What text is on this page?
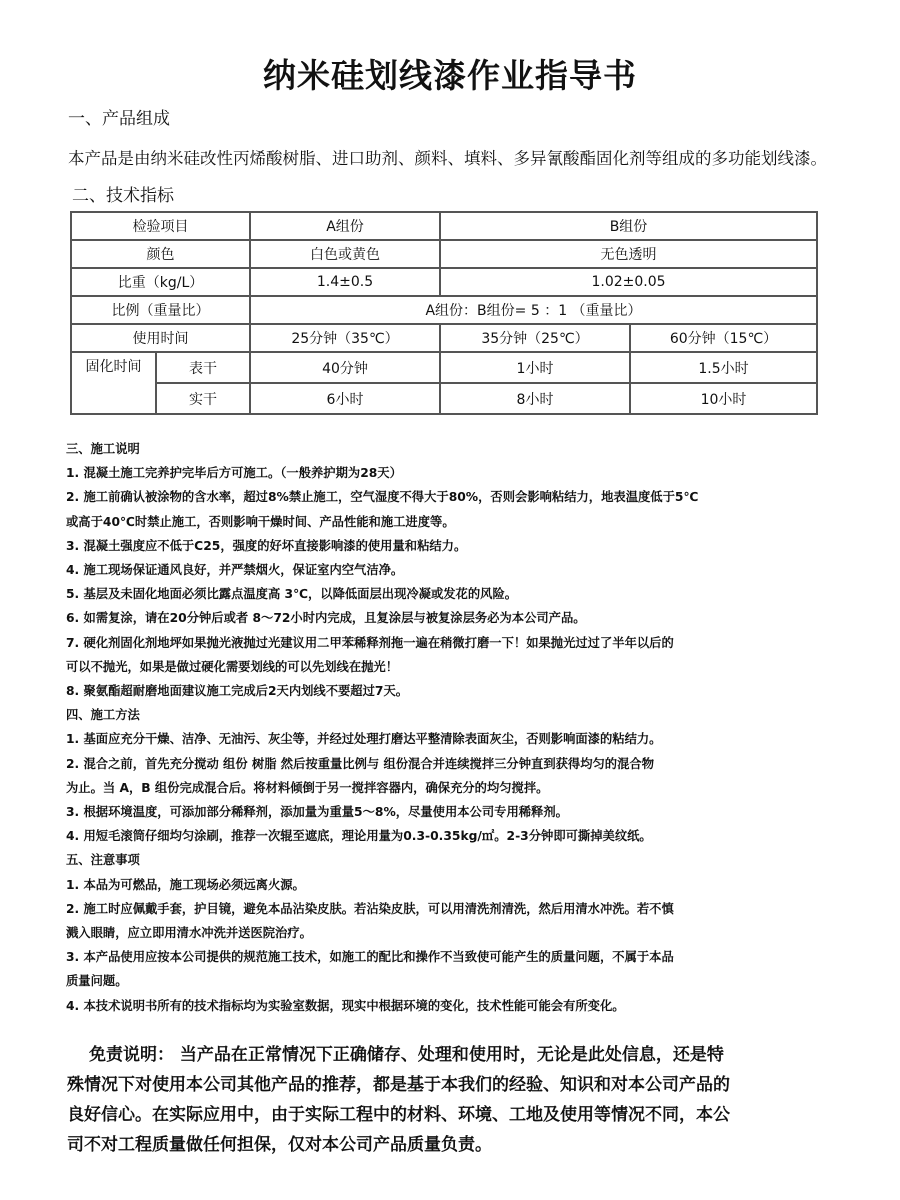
纳米硅划线漆作业指导书
一、产品组成
本产品是由纳米硅改性丙烯酸树脂、进口助剂、颜料、填料、多异氰酸酯固化剂等组成的多功能划线漆。
二、技术指标
检验项目		A组份	B组份	
颜色		白色或黄色	无色透明	
比重（kg/L）		1.4±0.5	1.02±0.05	
比例（重量比）		A组份：B组份= 5 ：1 （重量比）		
使用时间		25分钟（35℃）	35分钟（25℃）	60分钟（15℃）
固化时间	表干	40分钟	1小时	1.5小时
	实干	6小时	8小时	10小时
三、施工说明
1. 混凝土施工完养护完毕后方可施工。（一般养护期为28天）
2. 施工前确认被涂物的含水率，超过8%禁止施工，空气湿度不得大于80%，否则会影响粘结力，地表温度低于5℃
或高于40℃时禁止施工，否则影响干燥时间、产品性能和施工进度等。
3. 混凝土强度应不低于C25，强度的好坏直接影响漆的使用量和粘结力。
4. 施工现场保证通风良好，并严禁烟火，保证室内空气洁净。
5. 基层及未固化地面必须比露点温度高 3℃，以降低面层出现冷凝或发花的风险。
6. 如需复涂，请在20分钟后或者 8～72小时内完成，且复涂层与被复涂层务必为本公司产品。
7. 硬化剂固化剂地坪如果抛光液抛过光建议用二甲苯稀释剂拖一遍在稍微打磨一下！如果抛光过过了半年以后的
可以不抛光，如果是做过硬化需要划线的可以先划线在抛光！
8. 聚氨酯超耐磨地面建议施工完成后2天内划线不要超过7天。
四、施工方法
1. 基面应充分干燥、洁净、无油污、灰尘等，并经过处理打磨达平整清除表面灰尘，否则影响面漆的粘结力。
2. 混合之前，首先充分搅动 组份 树脂 然后按重量比例与 组份混合并连续搅拌三分钟直到获得均匀的混合物
为止。当 A，B 组份完成混合后。将材料倾倒于另一搅拌容器内，确保充分的均匀搅拌。
3. 根据环境温度，可添加部分稀释剂，添加量为重量5～8%，尽量使用本公司专用稀释剂。
4. 用短毛滚筒仔细均匀涂刷，推荐一次辊至遮底，理论用量为0.3-0.35kg/㎡。2-3分钟即可撕掉美纹纸。
五、注意事项
1. 本品为可燃品，施工现场必须远离火源。
2. 施工时应佩戴手套，护目镜，避免本品沾染皮肤。若沾染皮肤，可以用清洗剂清洗，然后用清水冲洗。若不慎
溅入眼睛，应立即用清水冲洗并送医院治疗。
3. 本产品使用应按本公司提供的规范施工技术，如施工的配比和操作不当致使可能产生的质量问题，不属于本品
质量问题。
4. 本技术说明书所有的技术指标均为实验室数据，现实中根据环境的变化，技术性能可能会有所变化。
免责说明： 当产品在正常情况下正确储存、处理和使用时，无论是此处信息，还是特
殊情况下对使用本公司其他产品的推荐，都是基于本我们的经验、知识和对本公司产品的
良好信心。在实际应用中，由于实际工程中的材料、环境、工地及使用等情况不同，本公
司不对工程质量做任何担保，仅对本公司产品质量负责。
